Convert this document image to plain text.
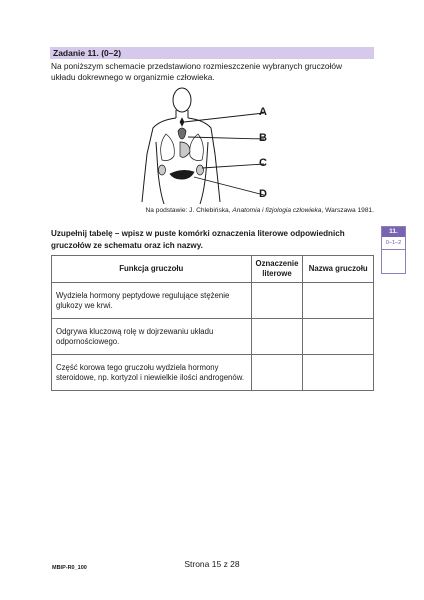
Zadanie 11. (0–2)
Na poniższym schemacie przedstawiono rozmieszczenie wybranych gruczołów układu dokrewnego w organizmie człowieka.
A
B
C
D
Na podstawie: J. Chlebińska, Anatomia i fizjologia człowieka, Warszawa 1981.
Uzupełnij tabelę – wpisz w puste komórki oznaczenia literowe odpowiednich gruczołów ze schematu oraz ich nazwy.
11.
0–1–2
Funkcja gruczołu	Oznaczenie literowe	Nazwa gruczołu
Wydziela hormony peptydowe regulujące stężenie glukozy we krwi.		
Odgrywa kluczową rolę w dojrzewaniu układu odpornościowego.		
Część korowa tego gruczołu wydziela hormony steroidowe, np. kortyzol i niewielkie ilości androgenów.		
Strona 15 z 28
MBIP-R0_100
